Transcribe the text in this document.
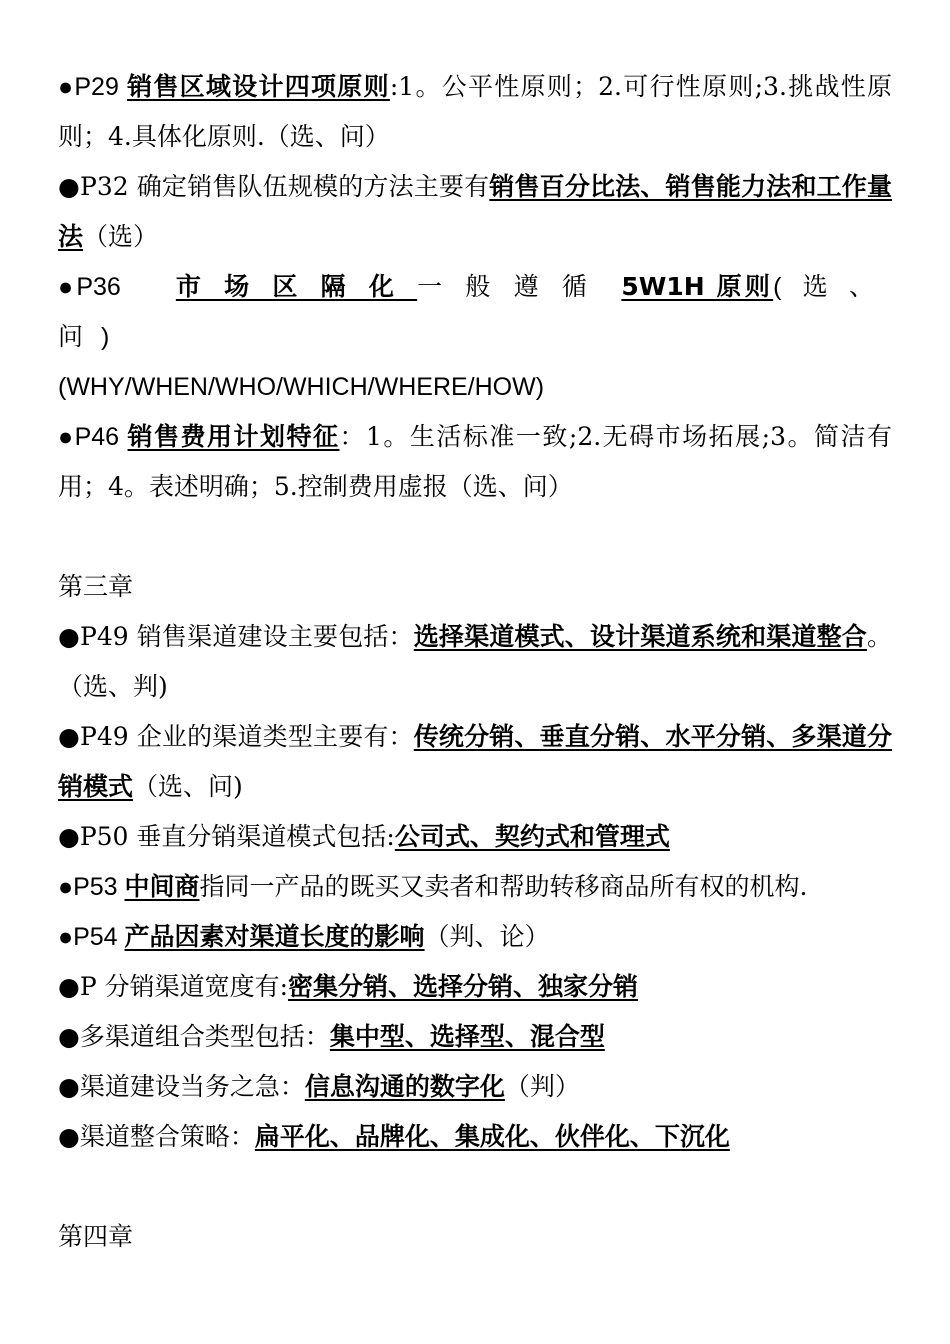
●P29 销售区域设计四项原则:1。公平性原则；2.可行性原则;3.挑战性原则；4.具体化原则.（选、问）

●P32 确定销售队伍规模的方法主要有销售百分比法、销售能力法和工作量法（选）

●P36     市场区隔化一般遵循 5W1H 原则(选、问)
(WHY/WHEN/WHO/WHICH/WHERE/HOW)

●P46 销售费用计划特征：1。生活标准一致;2.无碍市场拓展;3。简洁有用；4。表述明确；5.控制费用虚报（选、问）

第三章

●P49 销售渠道建设主要包括：选择渠道模式、设计渠道系统和渠道整合。（选、判)

●P49 企业的渠道类型主要有：传统分销、垂直分销、水平分销、多渠道分销模式（选、问)

●P50 垂直分销渠道模式包括:公司式、契约式和管理式

●P53 中间商指同一产品的既买又卖者和帮助转移商品所有权的机构.

●P54 产品因素对渠道长度的影响（判、论）

●P 分销渠道宽度有:密集分销、选择分销、独家分销

●多渠道组合类型包括：集中型、选择型、混合型

●渠道建设当务之急：信息沟通的数字化（判）

●渠道整合策略：扁平化、品牌化、集成化、伙伴化、下沉化

第四章
